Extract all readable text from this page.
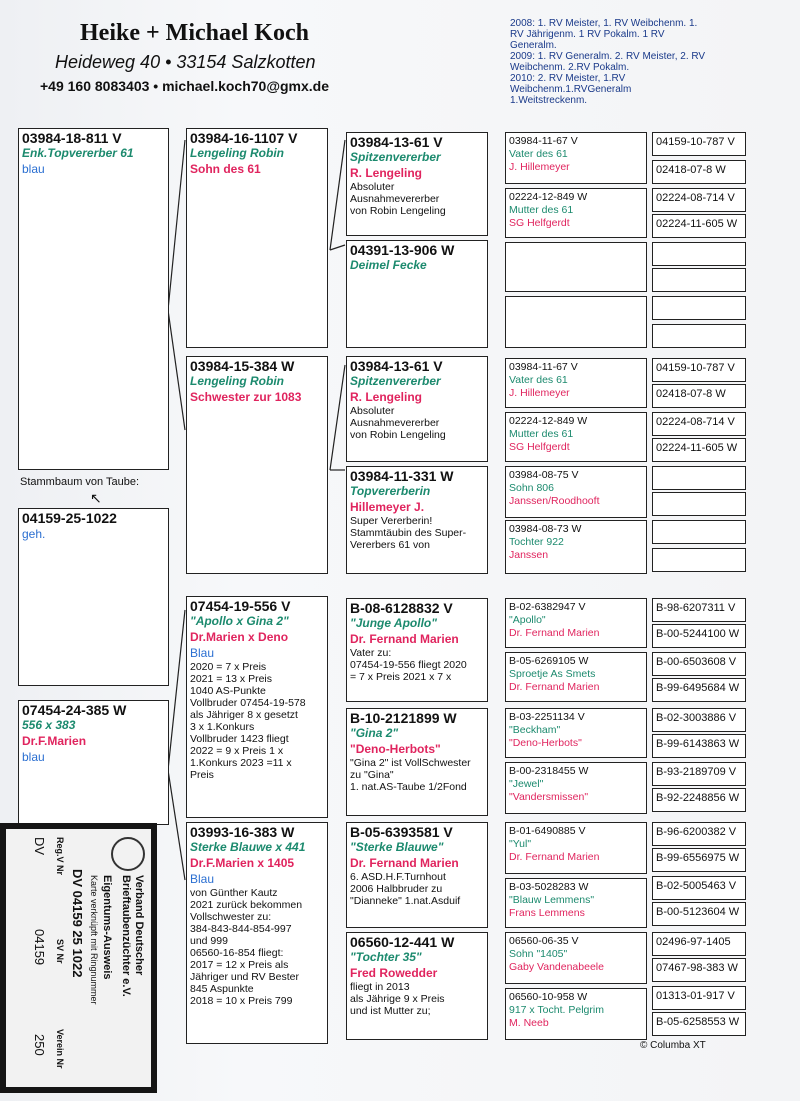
Heike + Michael Koch
Heideweg 40 • 33154 Salzkotten
+49 160 8083403 • michael.koch70@gmx.de
2008: 1. RV Meister, 1. RV Weibchenm. 1.
RV Jährigenm. 1 RV Pokalm. 1 RV
Generalm.
2009: 1. RV Generalm. 2. RV Meister, 2. RV
Weibchenm. 2.RV Pokalm.
2010: 2. RV Meister, 1.RV
Weibchenm.1.RVGeneralm
1.Weitstreckenm.
03984-18-811 V
Enk.Topvererber 61
blau
Stammbaum von Taube:
↖
04159-25-1022
geh.
07454-24-385 W
556 x 383
Dr.F.Marien
blau
03984-16-1107 V
Lengeling Robin
Sohn des 61
03984-15-384 W
Lengeling Robin
Schwester zur 1083
07454-19-556 V
"Apollo x Gina 2"
Dr.Marien x Deno
Blau
2020 = 7 x Preis
2021 = 13 x Preis
1040 AS-Punkte
Vollbruder 07454-19-578
als Jähriger 8 x gesetzt
3 x 1.Konkurs
Vollbruder 1423 fliegt
2022 = 9 x Preis 1 x
1.Konkurs 2023 =11 x
Preis
03993-16-383 W
Sterke Blauwe x 441
Dr.F.Marien x 1405
Blau
von Günther Kautz
2021 zurück bekommen
Vollschwester zu:
384-843-844-854-997
und 999
06560-16-854 fliegt:
2017 = 12 x Preis als
Jähriger und RV Bester
845 Aspunkte
2018 = 10 x Preis 799
03984-13-61 V
Spitzenvererber
R. Lengeling
Absoluter
Ausnahmevererber
von Robin Lengeling
04391-13-906 W
Deimel Fecke
03984-13-61 V
Spitzenvererber
R. Lengeling
Absoluter
Ausnahmevererber
von Robin Lengeling
03984-11-331 W
Topvererberin
Hillemeyer J.
Super Vererberin!
Stammtäubin des Super-
Vererbers 61 von
B-08-6128832 V
"Junge Apollo"
Dr. Fernand Marien
Vater zu:
07454-19-556 fliegt 2020
= 7 x Preis 2021 x 7 x
B-10-2121899 W
"Gina 2"
"Deno-Herbots"
"Gina 2" ist VollSchwester
zu "Gina"
1. nat.AS-Taube 1/2Fond
B-05-6393581 V
"Sterke Blauwe"
Dr. Fernand Marien
6. ASD.H.F.Turnhout
2006 Halbbruder zu
"Dianneke" 1.nat.Asduif
06560-12-441 W
"Tochter 35"
Fred Rowedder
fliegt in 2013
als Jährige 9 x Preis
und ist Mutter zu;
03984-11-67 V
Vater des 61
J. Hillemeyer
02224-12-849 W
Mutter des 61
SG Helfgerdt
03984-11-67 V
Vater des 61
J. Hillemeyer
02224-12-849 W
Mutter des 61
SG Helfgerdt
03984-08-75 V
Sohn 806
Janssen/Roodhooft
03984-08-73 W
Tochter 922
Janssen
B-02-6382947 V
"Apollo"
Dr. Fernand Marien
B-05-6269105 W
Sproetje As Smets
Dr. Fernand Marien
B-03-2251134 V
"Beckham"
"Deno-Herbots"
B-00-2318455 W
"Jewel"
"Vandersmissen"
B-01-6490885 V
"Yul"
Dr. Fernand Marien
B-03-5028283 W
"Blauw Lemmens"
Frans Lemmens
06560-06-35 V
Sohn "1405"
Gaby Vandenabeele
06560-10-958 W
917 x Tocht. Pelgrim
M. Neeb
04159-10-787 V
02418-07-8 W
02224-08-714 V
02224-11-605 W
04159-10-787 V
02418-07-8 W
02224-08-714 V
02224-11-605 W
B-98-6207311 V
B-00-5244100 W
B-00-6503608 V
B-99-6495684 W
B-02-3003886 V
B-99-6143863 W
B-93-2189709 V
B-92-2248856 W
B-96-6200382 V
B-99-6556975 W
B-02-5005463 V
B-00-5123604 W
02496-97-1405
07467-98-383 W
01313-01-917 V
B-05-6258553 W
© Columba XT
Verband Deutscher
Brieftaubenzüchter e.V.
Eigentums-Ausweis
Karte verknüpft mit Ringnummer
DV 04159 25 1022
Reg.V Nr
SV Nr
Verein Nr
DV
04159
250
